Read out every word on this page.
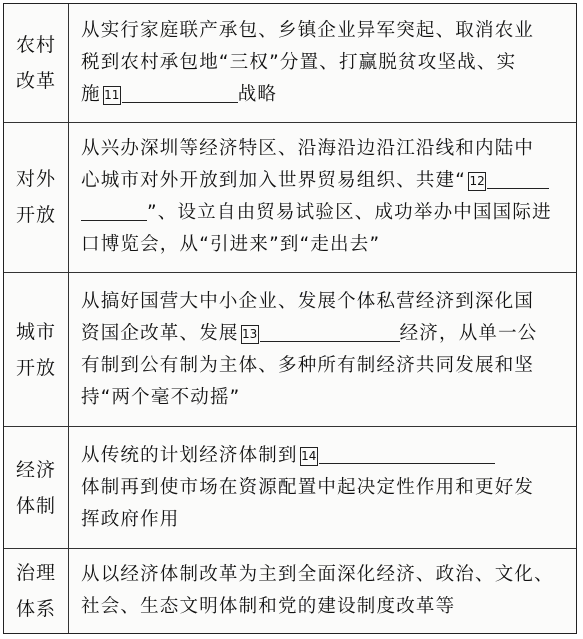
农村
改革	从实行家庭联产承包、乡镇企业异军突起、取消农业
税到农村承包地“三权”分置、打赢脱贫攻坚战、实
施 11 战略

对外
开放	从兴办深圳等经济特区、沿海沿边沿江沿线和内陆中
心城市对外开放到加入世界贸易组织、共建“ 12
”、设立自由贸易试验区、成功举办中国国际进
口博览会，从“引进来”到“走出去”

城市
开放	从搞好国营大中小企业、发展个体私营经济到深化国
资国企改革、发展 13 经济，从单一公
有制到公有制为主体、多种所有制经济共同发展和坚
持“两个毫不动摇”

经济
体制	从传统的计划经济体制到 14
体制再到使市场在资源配置中起决定性作用和更好发
挥政府作用

治理
体系	从以经济体制改革为主到全面深化经济、政治、文化、
社会、生态文明体制和党的建设制度改革等
